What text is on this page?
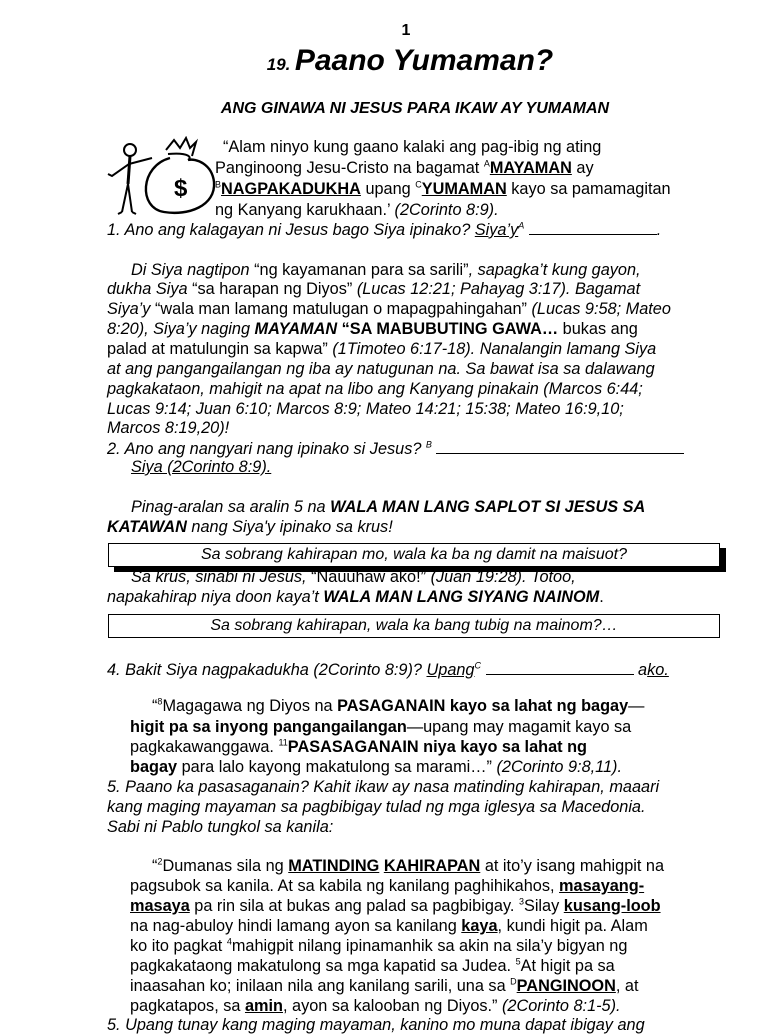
1
19. Paano Yumaman?
ANG GINAWA NI JESUS PARA IKAW AY YUMAMAN
$
“Alam ninyo kung gaano kalaki ang pag-ibig ng ating
Panginoong Jesu-Cristo na bagamat $^A$MAYAMAN ay
$^B$NAGPAKADUKHA upang $^C$YUMAMAN kayo sa pamamagitan
ng Kanyang karukhaan.’ (2Corinto 8:9).
1. Ano ang kalagayan ni Jesus bago Siya ipinako? $Siya’y^A$	.
Di Siya nagtipon “ng kayamanan para sa sarili”, sapagka’t kung gayon,
dukha Siya “sa harapan ng Diyos” (Lucas 12:21; Pahayag 3:17). Bagamat
Siya’y “wala man lamang matulugan o mapagpahingahan” (Lucas 9:58; Mateo
8:20), Siya’y naging MAYAMAN “SA MABUBUTING GAWA… bukas ang
palad at matulungin sa kapwa” (1Timoteo 6:17-18). Nanalangin lamang Siya
at ang pangangailangan ng iba ay natugunan na. Sa bawat isa sa dalawang
pagkakataon, mahigit na apat na libo ang Kanyang pinakain (Marcos 6:44;
Lucas 9:14; Juan 6:10; Marcos 8:9; Mateo 14:21; 15:38; Mateo 16:9,10;
Marcos 8:19,20)!
2. Ano ang nangyari nang ipinako si Jesus? $^B$
Siya (2Corinto 8:9).
Pinag-aralan sa aralin 5 na WALA MAN LANG SAPLOT SI JESUS SA
KATAWAN nang Siya'y ipinako sa krus!
Sa sobrang kahirapan mo, wala ka ba ng damit na maisuot?
Sa krus, sinabi ni Jesus, “Nauuhaw ako!” (Juan 19:28). Totoo,
napakahirap niya doon kaya’t WALA MAN LANG SIYANG NAINOM.
Sa sobrang kahirapan, wala ka bang tubig na mainom?…
4. Bakit Siya nagpakadukha (2Corinto 8:9)? Upang$^C$	ako.
“$^8$Magagawa ng Diyos na PASAGANAIN kayo sa lahat ng bagay—
higit pa sa inyong pangangailangan—upang may magamit kayo sa
pagkakawanggawa. $^{11}$PASASAGANAIN niya kayo sa lahat ng
bagay para lalo kayong makatulong sa marami…” (2Corinto 9:8,11).
5. Paano ka pasasaganain? Kahit ikaw ay nasa matinding kahirapan, maaari
kang maging mayaman sa pagbibigay tulad ng mga iglesya sa Macedonia.
Sabi ni Pablo tungkol sa kanila:
“$^2$Dumanas sila ng MATINDING KAHIRAPAN at ito’y isang mahigpit na
pagsubok sa kanila. At sa kabila ng kanilang paghihikahos, masayang-
masaya pa rin sila at bukas ang palad sa pagbibigay. $^3$Silay kusang-loob
na nag-abuloy hindi lamang ayon sa kanilang kaya, kundi higit pa. Alam
ko ito pagkat $^4$mahigpit nilang ipinamanhik sa akin na sila’y bigyan ng
pagkakataong makatulong sa mga kapatid sa Judea. $^5$At higit pa sa
inaasahan ko; inilaan nila ang kanilang sarili, una sa $^D$PANGINOON, at
pagkatapos, sa amin, ayon sa kalooban ng Diyos.” (2Corinto 8:1-5).
5. Upang tunay kang maging mayaman, kanino mo muna dapat ibigay ang
